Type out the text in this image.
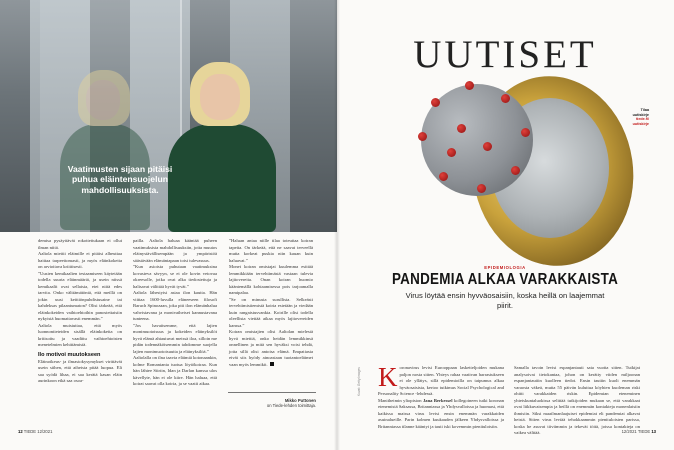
Vaatimusten sijaan pitäisi puhua eläintensuojelun mahdollisuuksista.

demisa pysäyttävät rokottettukaan ei ollut ilman niitä.

Aaltola miettii eläimille ei pitäisi alheuttaa haittaa tarpeettomasti, ja myös eläinkokeita on arvioitava kriittisesti.

”Uusien kemikaalien testaamiseen käytetään todella suuria eläinmääriä, ja usein niissä kemikaalit ovat sellaisia, etei niitä edes tarvita. Onko välttämätöntä, että meillä on jokin uusi keittiönpuhdistusaine tai kahdeksas pilaantumaton? Olisi tärkeää, että eläinkokeiden vaihtoehtoihin panostettaisiin nykyistä huomattavasti enemmän.”

Aaltola muistuttaa, että myös luonnontieteiden sisällä eläinkokeita on kritisoitu ja vaadittu vaihtoehtoisten menetelmien kehittämistä.

Ilo motivoi muutokseen

Eläinoikeus- ja ilmastokysymykset virittävät usein siihen, että aiheista pitää luopua. Eli saa syödä lihaa, ei saa kerätä kasan eläin aurinkoon eikä saa osoa-

pailla. Aaltola haluaa kääntää puheen vaatimuksista mahdollisuuksiin, jotta muutos eläinystävällisempään ja ympäristöä säästävään elämäntapaan toisi tulevasuus.

”Kun asioista puhutaan vaatimuksina kovasteva sävyyn, se ei ole kovin vetovaa okreesolle, jotka ovat alka tiedostettuja ja halisavat välittää hyvät tyvät.”

Aaltola lähestyisi asiaa ilon kautta. Hän viittaa 1600-luvulla eläneeseen filosofi Baruch Spinozaan, joka piti ilon elämänhalua vahvistavana ja monivaiheiset kannustavana tunteena.

”Jos havaitsemme, että lajien monimuotoisuus ja kokeiden eläinyksilöt hyvä elämä ahtautuvat meissä iloa, silloin me pidän todennäköisemmin tahdomme suojella lajien monimuotoisuutta ja eläinyksilöä.”

Aaltolalla on ilna taavia eläimiä kotonaankin, kolme Romanianta tuotua löytökoiraa. Kun hän lähtee Siirtin, Idan ja Darlan kanssa ulos kävellyte, hän ei ole kiire. Hän haluaa, että koirat saavat olla koiria, ja se vaatii aikaa.

”Haluan antaa niille tilaa toteuttaa koiran tapeita. On tärkeää, että ne saavat terveellä mutta korkeat puskia niin kauan kuin haluavat.”

Monet koiran omistajat kuulemma esittää lemmikkiään tervehtimästä vastaan tulevia lajitovereita. Onan koiran huomio kääntemällä kohtaamisessa pois tarjoamalla namipalaa.

”Se on minusta surullista. Selkeästi tervehtimistiemistä koiria estetään ja viedään kuin rangaistusvankia. Koirille olisi todella oleellista viettää aikaa myös lajitovereiden kanssa.”

Koiran omistajien olisi Aaltolan mielestä hyvä miettiä, onko heidän lemmikkinsä onnellinen ja mitä sen hyväksi voisi tehdä, jotta sillä olisi antoisa elämä. Empatiasta eivät siis hyödy ainoastaan tuotantoeläimet vaan myös lemmikit.

Mikko Puttonen
on Tiede-lehden toimittaja.
12 TIEDE 12/2021
UUTISET
Tilaa
uutiskirje
tiede.fi/
uutiskirje
EPIDEMIOLOGIA
PANDEMIA ALKAA VARAKKAISTA
Virus löytää ensin hyvväosaisiin, koska heillä on laajemmat piirit.
12/2021 TIEDE 13
Kuvat: Getty Images K oronavirus levisi Eurooppaan lasketteljoiden mukana paljon nosta sitten. Yhteys rahaa vaativan harrastukseen ei ole yllätys, sillä epidemioilla on taipumus alkaa hyväosaisista, kertoo tutkimus Social Psychological and Personality Science -lehdessä.
Manitheimin yliopiston Jana Berkessel kollegoineen tutki koronan etenemistä Saksassa, Britanniassa ja Yhdysvalloissa ja huomasi, että kaikissa maissa virus levisi ensin enemmän varakkaiden asuinalueille. Parin kolmen kuukauden jälkeen Yhdysvalloissa ja Britanniassa tilanne kääntyi ja tauti iski kovemmin pienituloisiin.
Samalla tavoin levisi espanjantauti sata vuotta sitten. Tutkijat analysoivat tietokantaa, johon on kerätty viiden miljoonan espanjantautiin kuolleen tiedot. Ensin tautiin kuoli enemmän varaosta väkeä, mutta 55 päivän kuluttua köyhien kuoleman riski ohitti varakkaiden riskin. Epidemian eteneminen yhteiskuntaluokissa selittää tutkijoiden mukaan se, että varakkaat ovat liikkuvaisempia ja heillä on enemmän kontakteja monenlaisiin ihmisiin. Siksi maailmanlaajuiset epidemiat eli pandemiat alkavat heistä. Sitten virus leviää tehokkaammin pienituloisten parissa, koska he asuvat tiiviimmin ja tekevät töitä, joissa kontakteja on vaikea välttää.
